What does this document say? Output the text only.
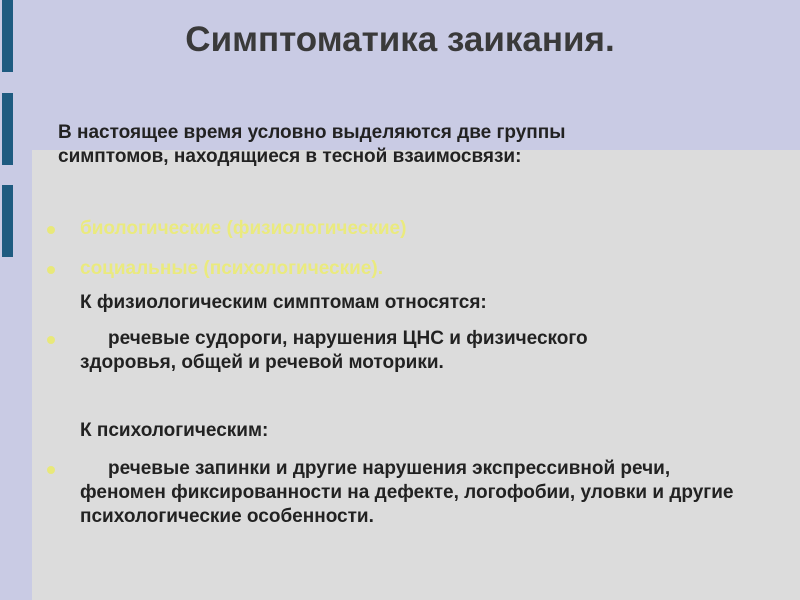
Симптоматика заикания.
В настоящее время условно выделяются две группы симптомов, находящиеся в тесной взаимосвязи:
биологические (физиологические)
социальные (психологические).
К физиологическим симптомам относятся:
речевые судороги, нарушения ЦНС и физического здоровья, общей и речевой моторики.
К психологическим:
речевые запинки и другие нарушения экспрессивной речи, феномен фиксированности на дефекте, логофобии, уловки и другие психологические особенности.
